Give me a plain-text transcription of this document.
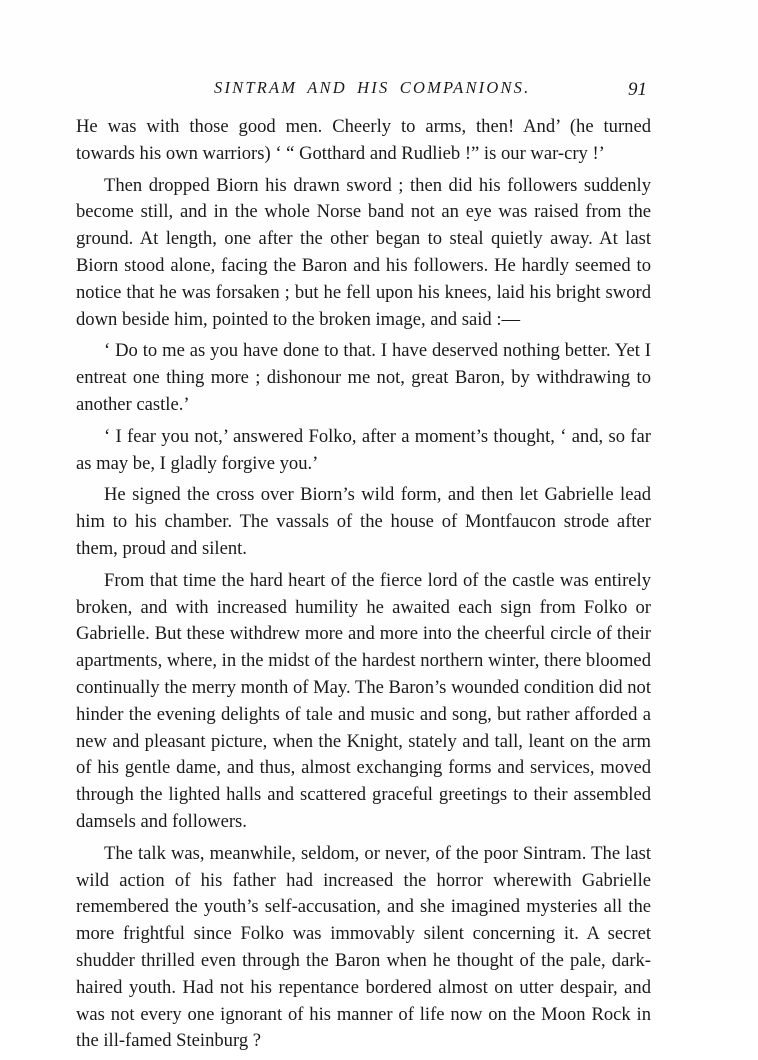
SINTRAM AND HIS COMPANIONS.	91

He was with those good men. Cheerly to arms, then! And’ (he turned towards his own warriors) ‘ “ Gotthard and Rudlieb !” is our war-cry !’

Then dropped Biorn his drawn sword ; then did his followers suddenly become still, and in the whole Norse band not an eye was raised from the ground. At length, one after the other began to steal quietly away. At last Biorn stood alone, facing the Baron and his followers. He hardly seemed to notice that he was forsaken ; but he fell upon his knees, laid his bright sword down beside him, pointed to the broken image, and said :—

‘ Do to me as you have done to that. I have deserved nothing better. Yet I entreat one thing more ; dishonour me not, great Baron, by withdrawing to another castle.’

‘ I fear you not,’ answered Folko, after a moment’s thought, ‘ and, so far as may be, I gladly forgive you.’

He signed the cross over Biorn’s wild form, and then let Gabrielle lead him to his chamber. The vassals of the house of Montfaucon strode after them, proud and silent.

From that time the hard heart of the fierce lord of the castle was entirely broken, and with increased humility he awaited each sign from Folko or Gabrielle. But these withdrew more and more into the cheerful circle of their apartments, where, in the midst of the hardest northern winter, there bloomed continually the merry month of May. The Baron’s wounded condition did not hinder the evening delights of tale and music and song, but rather afforded a new and pleasant picture, when the Knight, stately and tall, leant on the arm of his gentle dame, and thus, almost exchanging forms and services, moved through the lighted halls and scattered graceful greetings to their assembled damsels and followers.

The talk was, meanwhile, seldom, or never, of the poor Sintram. The last wild action of his father had increased the horror wherewith Gabrielle remembered the youth’s self-accusation, and she imagined mysteries all the more frightful since Folko was immovably silent concerning it. A secret shudder thrilled even through the Baron when he thought of the pale, dark-haired youth. Had not his repentance bordered almost on utter despair, and was not every one ignorant of his manner of life now on the Moon Rock in the ill-famed Steinburg ?
